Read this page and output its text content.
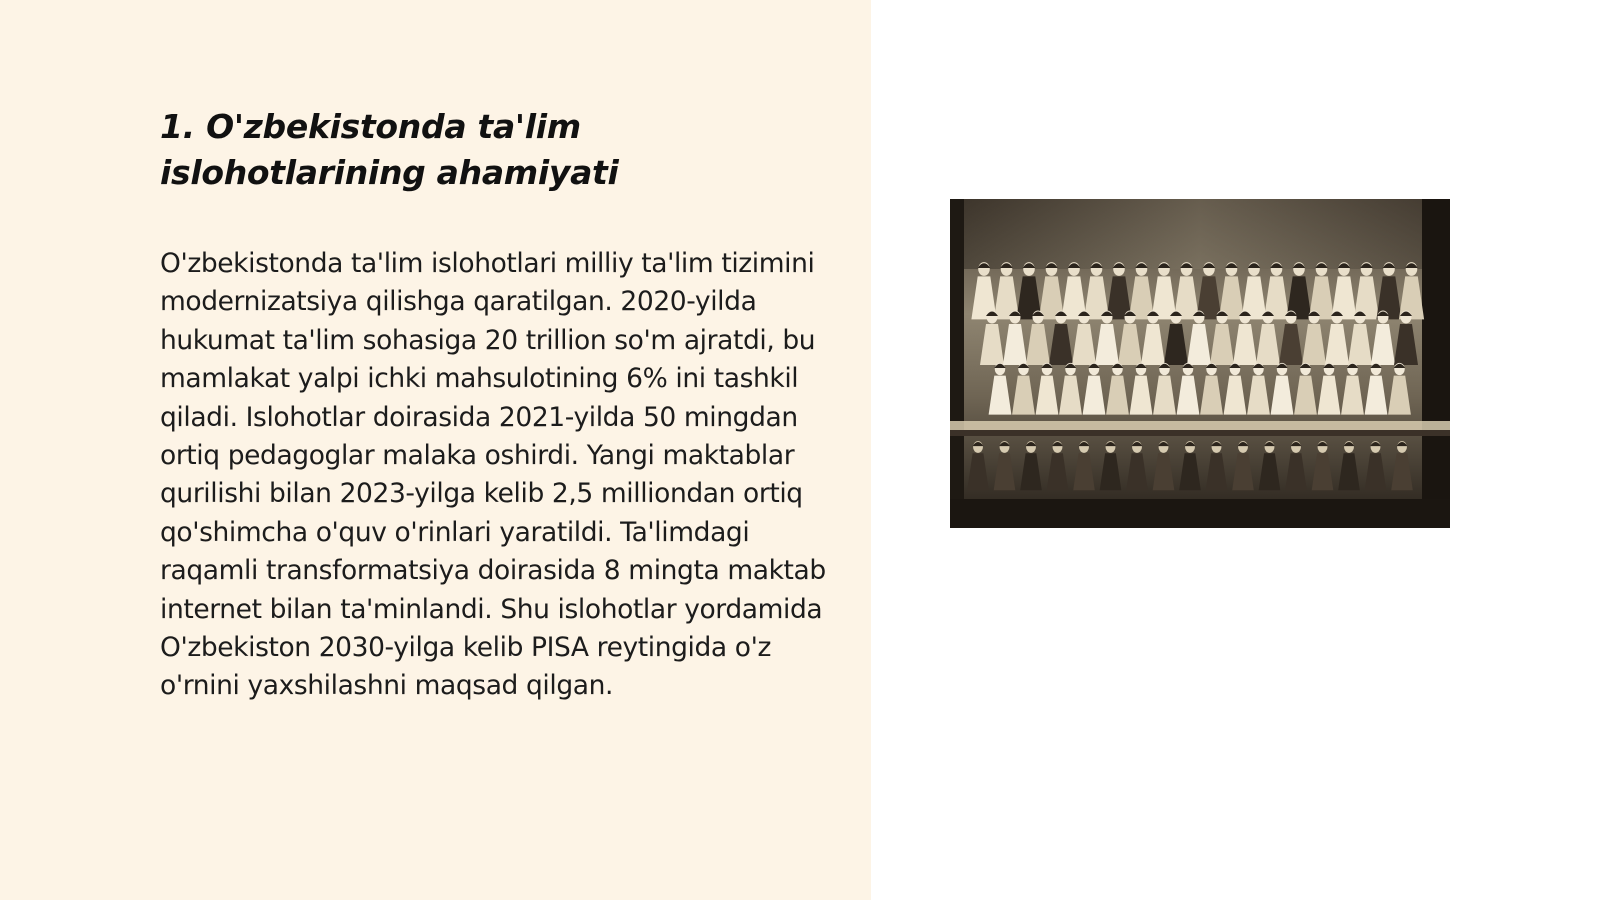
1. O'zbekistonda ta'lim islohotlarining ahamiyati

O'zbekistonda ta'lim islohotlari milliy ta'lim tizimini modernizatsiya qilishga qaratilgan. 2020-yilda hukumat ta'lim sohasiga 20 trillion so'm ajratdi, bu mamlakat yalpi ichki mahsulotining 6% ini tashkil qiladi. Islohotlar doirasida 2021-yilda 50 mingdan ortiq pedagoglar malaka oshirdi. Yangi maktablar qurilishi bilan 2023-yilga kelib 2,5 milliondan ortiq qo'shimcha o'quv o'rinlari yaratildi. Ta'limdagi raqamli transformatsiya doirasida 8 mingta maktab internet bilan ta'minlandi. Shu islohotlar yordamida O'zbekiston 2030-yilga kelib PISA reytingida o'z o'rnini yaxshilashni maqsad qilgan.
